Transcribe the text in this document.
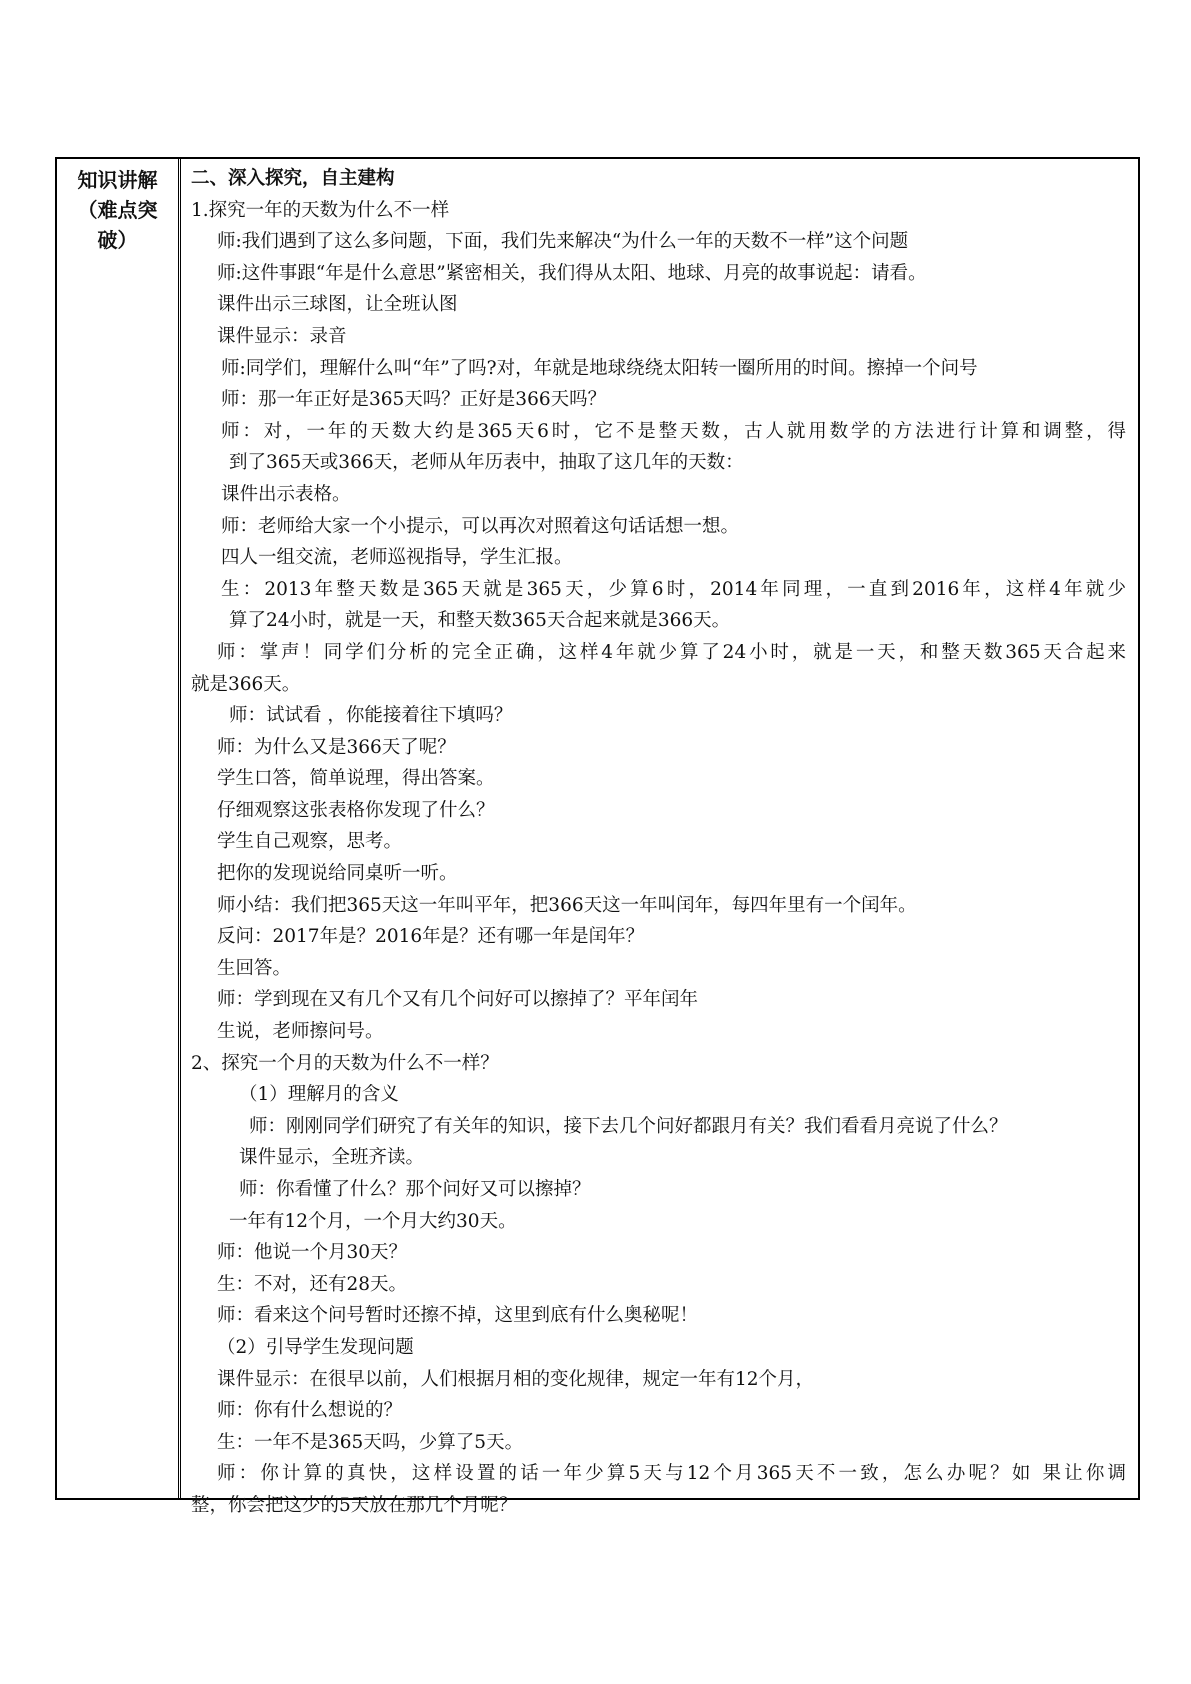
知识讲解
（难点突
破）
二、深入探究，自主建构
1.探究一年的天数为什么不一样
师:我们遇到了这么多问题，下面，我们先来解决“为什么一年的天数不一样”这个问题
师:这件事跟“年是什么意思”紧密相关，我们得从太阳、地球、月亮的故事说起：请看。
课件出示三球图，让全班认图
课件显示：录音
师:同学们，理解什么叫“年”了吗?对，年就是地球绕绕太阳转一圈所用的时间。擦掉一个问号
师：那一年正好是365天吗？正好是366天吗？
师：对，一年的天数大约是365天6时，它不是整天数，古人就用数学的方法进行计算和调整，得
到了365天或366天，老师从年历表中，抽取了这几年的天数：
课件出示表格。
师：老师给大家一个小提示，可以再次对照着这句话话想一想。
四人一组交流，老师巡视指导，学生汇报。
生：2013年整天数是365天就是365天，少算6时，2014年同理，一直到2016年，这样4年就少
算了24小时，就是一天，和整天数365天合起来就是366天。
师：掌声！同学们分析的完全正确，这样4年就少算了24小时，就是一天，和整天数365天合起来
就是366天。
师：试试看 ，你能接着往下填吗？
师：为什么又是366天了呢？
学生口答，简单说理，得出答案。
仔细观察这张表格你发现了什么？
学生自己观察，思考。
把你的发现说给同桌听一听。
师小结：我们把365天这一年叫平年，把366天这一年叫闰年，每四年里有一个闰年。
反问：2017年是？2016年是？还有哪一年是闰年？
生回答。
师：学到现在又有几个又有几个问好可以擦掉了？平年闰年
生说，老师擦问号。
2、探究一个月的天数为什么不一样？
（1）理解月的含义
师：刚刚同学们研究了有关年的知识，接下去几个问好都跟月有关？我们看看月亮说了什么？
课件显示，全班齐读。
师：你看懂了什么？那个问好又可以擦掉？
一年有12个月，一个月大约30天。
师：他说一个月30天？
生：不对，还有28天。
师：看来这个问号暂时还擦不掉，这里到底有什么奥秘呢！
（2）引导学生发现问题
课件显示：在很早以前，人们根据月相的变化规律，规定一年有12个月，
师：你有什么想说的？
生：一年不是365天吗，少算了5天。
师：你计算的真快，这样设置的话一年少算5天与12个月365天不一致，怎么办呢？如 果让你调
整，你会把这少的5天放在那几个月呢？
